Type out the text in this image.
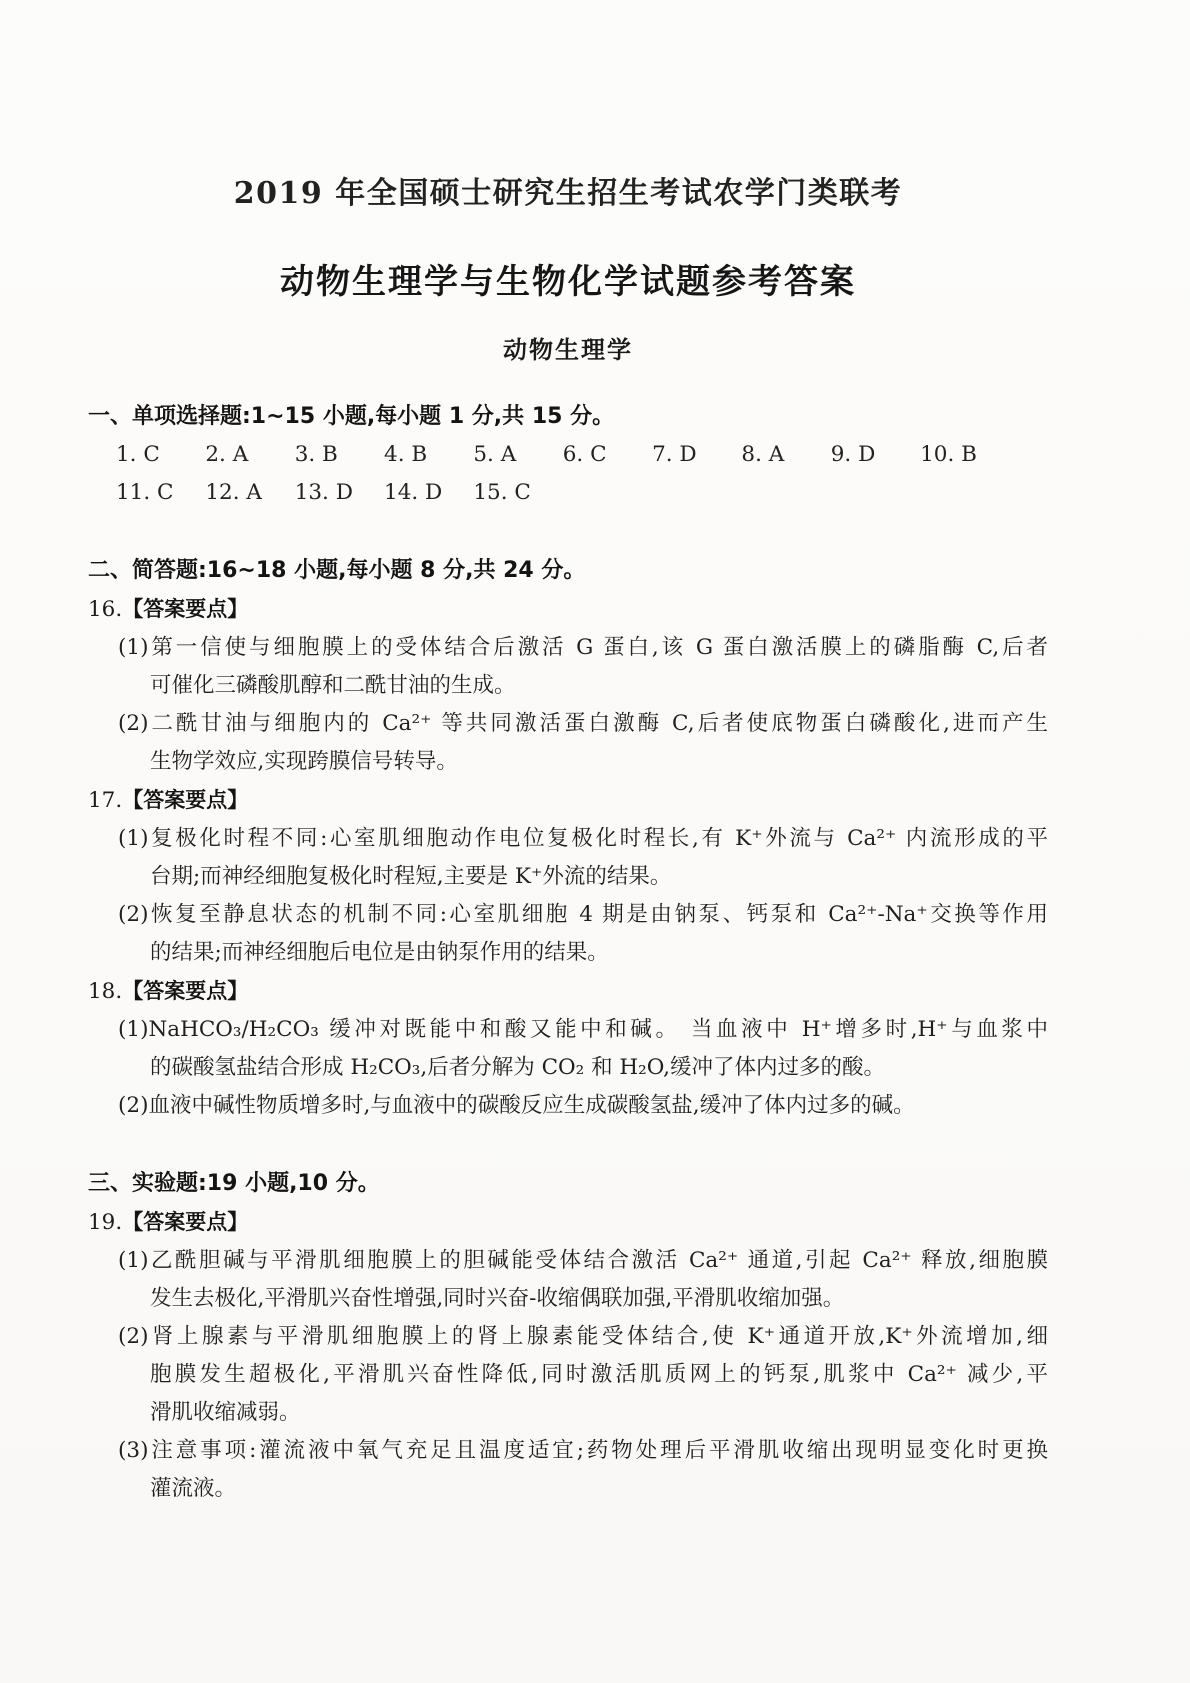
2019 年全国硕士研究生招生考试农学门类联考
动物生理学与生物化学试题参考答案
动物生理学
一、单项选择题:1~15 小题,每小题 1 分,共 15 分。
1. C 2. A 3. B 4. B 5. A 6. C 7. D 8. A 9. D 10. B
11. C 12. A 13. D 14. D 15. C
二、简答题:16~18 小题,每小题 8 分,共 24 分。
16.【答案要点】
(1)第一信使与细胞膜上的受体结合后激活 G 蛋白,该 G 蛋白激活膜上的磷脂酶 C,后者
可催化三磷酸肌醇和二酰甘油的生成。
(2)二酰甘油与细胞内的 Ca²⁺ 等共同激活蛋白激酶 C,后者使底物蛋白磷酸化,进而产生
生物学效应,实现跨膜信号转导。
17.【答案要点】
(1)复极化时程不同:心室肌细胞动作电位复极化时程长,有 K⁺外流与 Ca²⁺ 内流形成的平
台期;而神经细胞复极化时程短,主要是 K⁺外流的结果。
(2)恢复至静息状态的机制不同:心室肌细胞 4 期是由钠泵、钙泵和 Ca²⁺-Na⁺交换等作用
的结果;而神经细胞后电位是由钠泵作用的结果。
18.【答案要点】
(1)NaHCO₃/H₂CO₃ 缓冲对既能中和酸又能中和碱。 当血液中 H⁺增多时,H⁺与血浆中
的碳酸氢盐结合形成 H₂CO₃,后者分解为 CO₂ 和 H₂O,缓冲了体内过多的酸。
(2)血液中碱性物质增多时,与血液中的碳酸反应生成碳酸氢盐,缓冲了体内过多的碱。
三、实验题:19 小题,10 分。
19.【答案要点】
(1)乙酰胆碱与平滑肌细胞膜上的胆碱能受体结合激活 Ca²⁺ 通道,引起 Ca²⁺ 释放,细胞膜
发生去极化,平滑肌兴奋性增强,同时兴奋-收缩偶联加强,平滑肌收缩加强。
(2)肾上腺素与平滑肌细胞膜上的肾上腺素能受体结合,使 K⁺通道开放,K⁺外流增加,细
胞膜发生超极化,平滑肌兴奋性降低,同时激活肌质网上的钙泵,肌浆中 Ca²⁺ 减少,平
滑肌收缩减弱。
(3)注意事项:灌流液中氧气充足且温度适宜;药物处理后平滑肌收缩出现明显变化时更换
灌流液。
